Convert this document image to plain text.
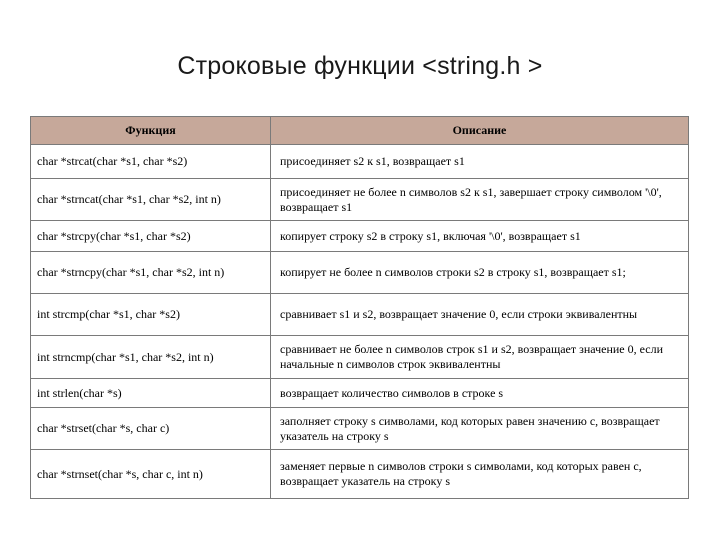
Строковые функции <string.h >
Функция	Описание
char *strcat(char *s1, char *s2)	присоединяет s2 к s1, возвращает s1
char *strncat(char *s1, char *s2, int n)	присоединяет не более n символов s2 к s1, завершает строку символом '\0', возвращает s1
char *strcpy(char *s1, char *s2)	копирует строку s2 в строку s1, включая '\0', возвращает s1
char *strncpy(char *s1, char *s2, int n)	копирует не более n символов строки s2 в строку s1, возвращает s1;
int strcmp(char *s1, char *s2)	сравнивает s1 и s2, возвращает значение 0, если строки эквивалентны
int strncmp(char *s1, char *s2, int n)	сравнивает не более n символов строк s1 и s2, возвращает значение 0, если начальные n символов строк эквивалентны
int strlen(char *s)	возвращает количество символов в строке s
char *strset(char *s, char c)	заполняет строку s символами, код которых равен значению c, возвращает указатель на строку s
char *strnset(char *s, char c, int n)	заменяет первые n символов строки s символами, код которых равен c, возвращает указатель на строку s
